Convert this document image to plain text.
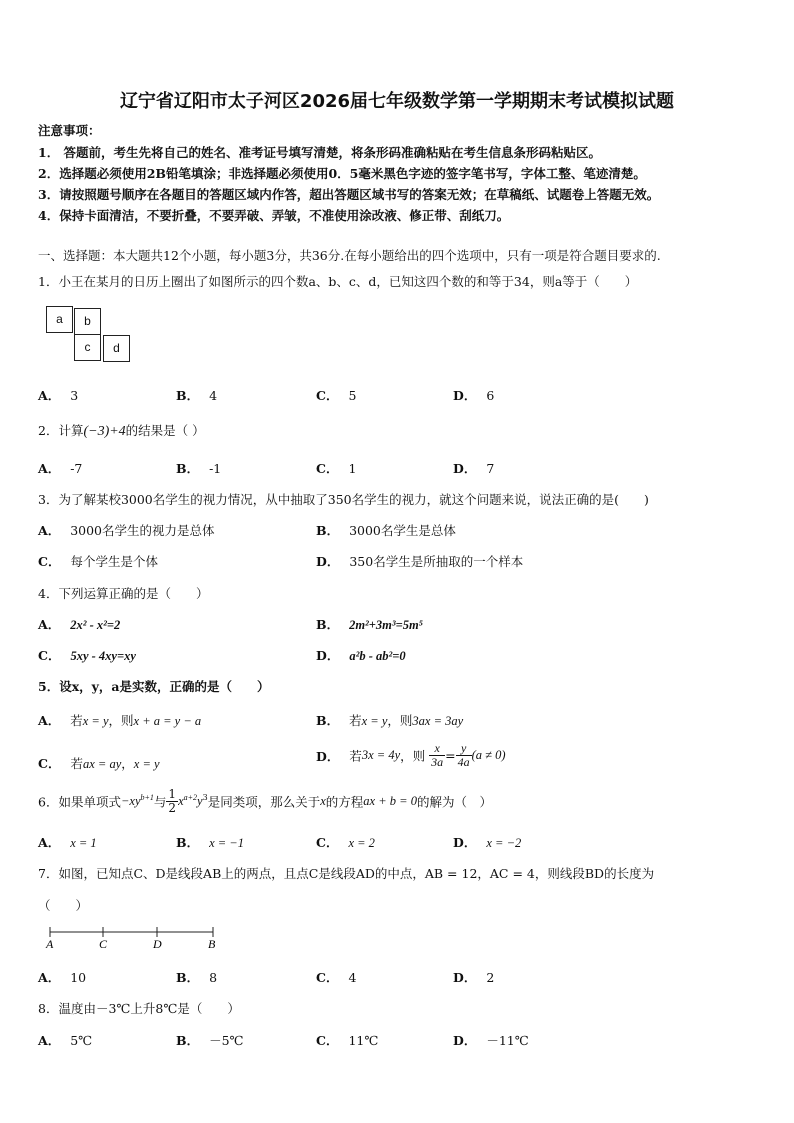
辽宁省辽阳市太子河区2026届七年级数学第一学期期末考试模拟试题
注意事项：
1． 答题前，考生先将自己的姓名、准考证号填写清楚，将条形码准确粘贴在考生信息条形码粘贴区。
2．选择题必须使用2B铅笔填涂；非选择题必须使用0．5毫米黑色字迹的签字笔书写，字体工整、笔迹清楚。
3．请按照题号顺序在各题目的答题区域内作答，超出答题区域书写的答案无效；在草稿纸、试题卷上答题无效。
4．保持卡面清洁，不要折叠，不要弄破、弄皱，不准使用涂改液、修正带、刮纸刀。
一、选择题：本大题共12个小题，每小题3分，共36分.在每小题给出的四个选项中，只有一项是符合题目要求的.
1．小王在某月的日历上圈出了如图所示的四个数a、b、c、d，已知这四个数的和等于34，则a等于（　　）
a	b
c	d
A． 3	B． 4	C． 5	D． 6
2．计算(−3)+4的结果是（ ）
A． -7	B． -1	C． 1	D． 7
3．为了解某校3000名学生的视力情况，从中抽取了350名学生的视力，就这个问题来说，说法正确的是(　　)
A． 3000名学生的视力是总体	B． 3000名学生是总体
C． 每个学生是个体	D． 350名学生是所抽取的一个样本
4．下列运算正确的是（　　）
A． 2x² - x²=2	B． 2m²+3m³=5m⁵
C． 5xy - 4xy=xy	D． a²b - ab²=0
5．设x，y，a是实数，正确的是（　　）
A． 若x = y，则x + a = y − a	B． 若x = y，则3ax = 3ay
C． 若ax = ay，x = y
D． 若3x = 4y，则 $\frac{x}{3a} = \frac{y}{4a} (a \ne 0)$
6．如果单项式$-xy^{b+1}$与 $\frac{1}{2} x^{a+2}y^3$是同类项，那么关于x的方程ax + b = 0的解为（　）
A． x = 1	B． x = −1	C． x = 2	D． x = −2
7．如图，已知点C、D是线段AB上的两点，且点C是线段AD的中点，AB = 12，AC = 4，则线段BD的长度为
（　　）
A	C	D	B
A． 10	B． 8	C． 4	D． 2
8．温度由－3℃上升8℃是（　　）
A． 5℃	B． －5℃	C． 11℃	D． －11℃
